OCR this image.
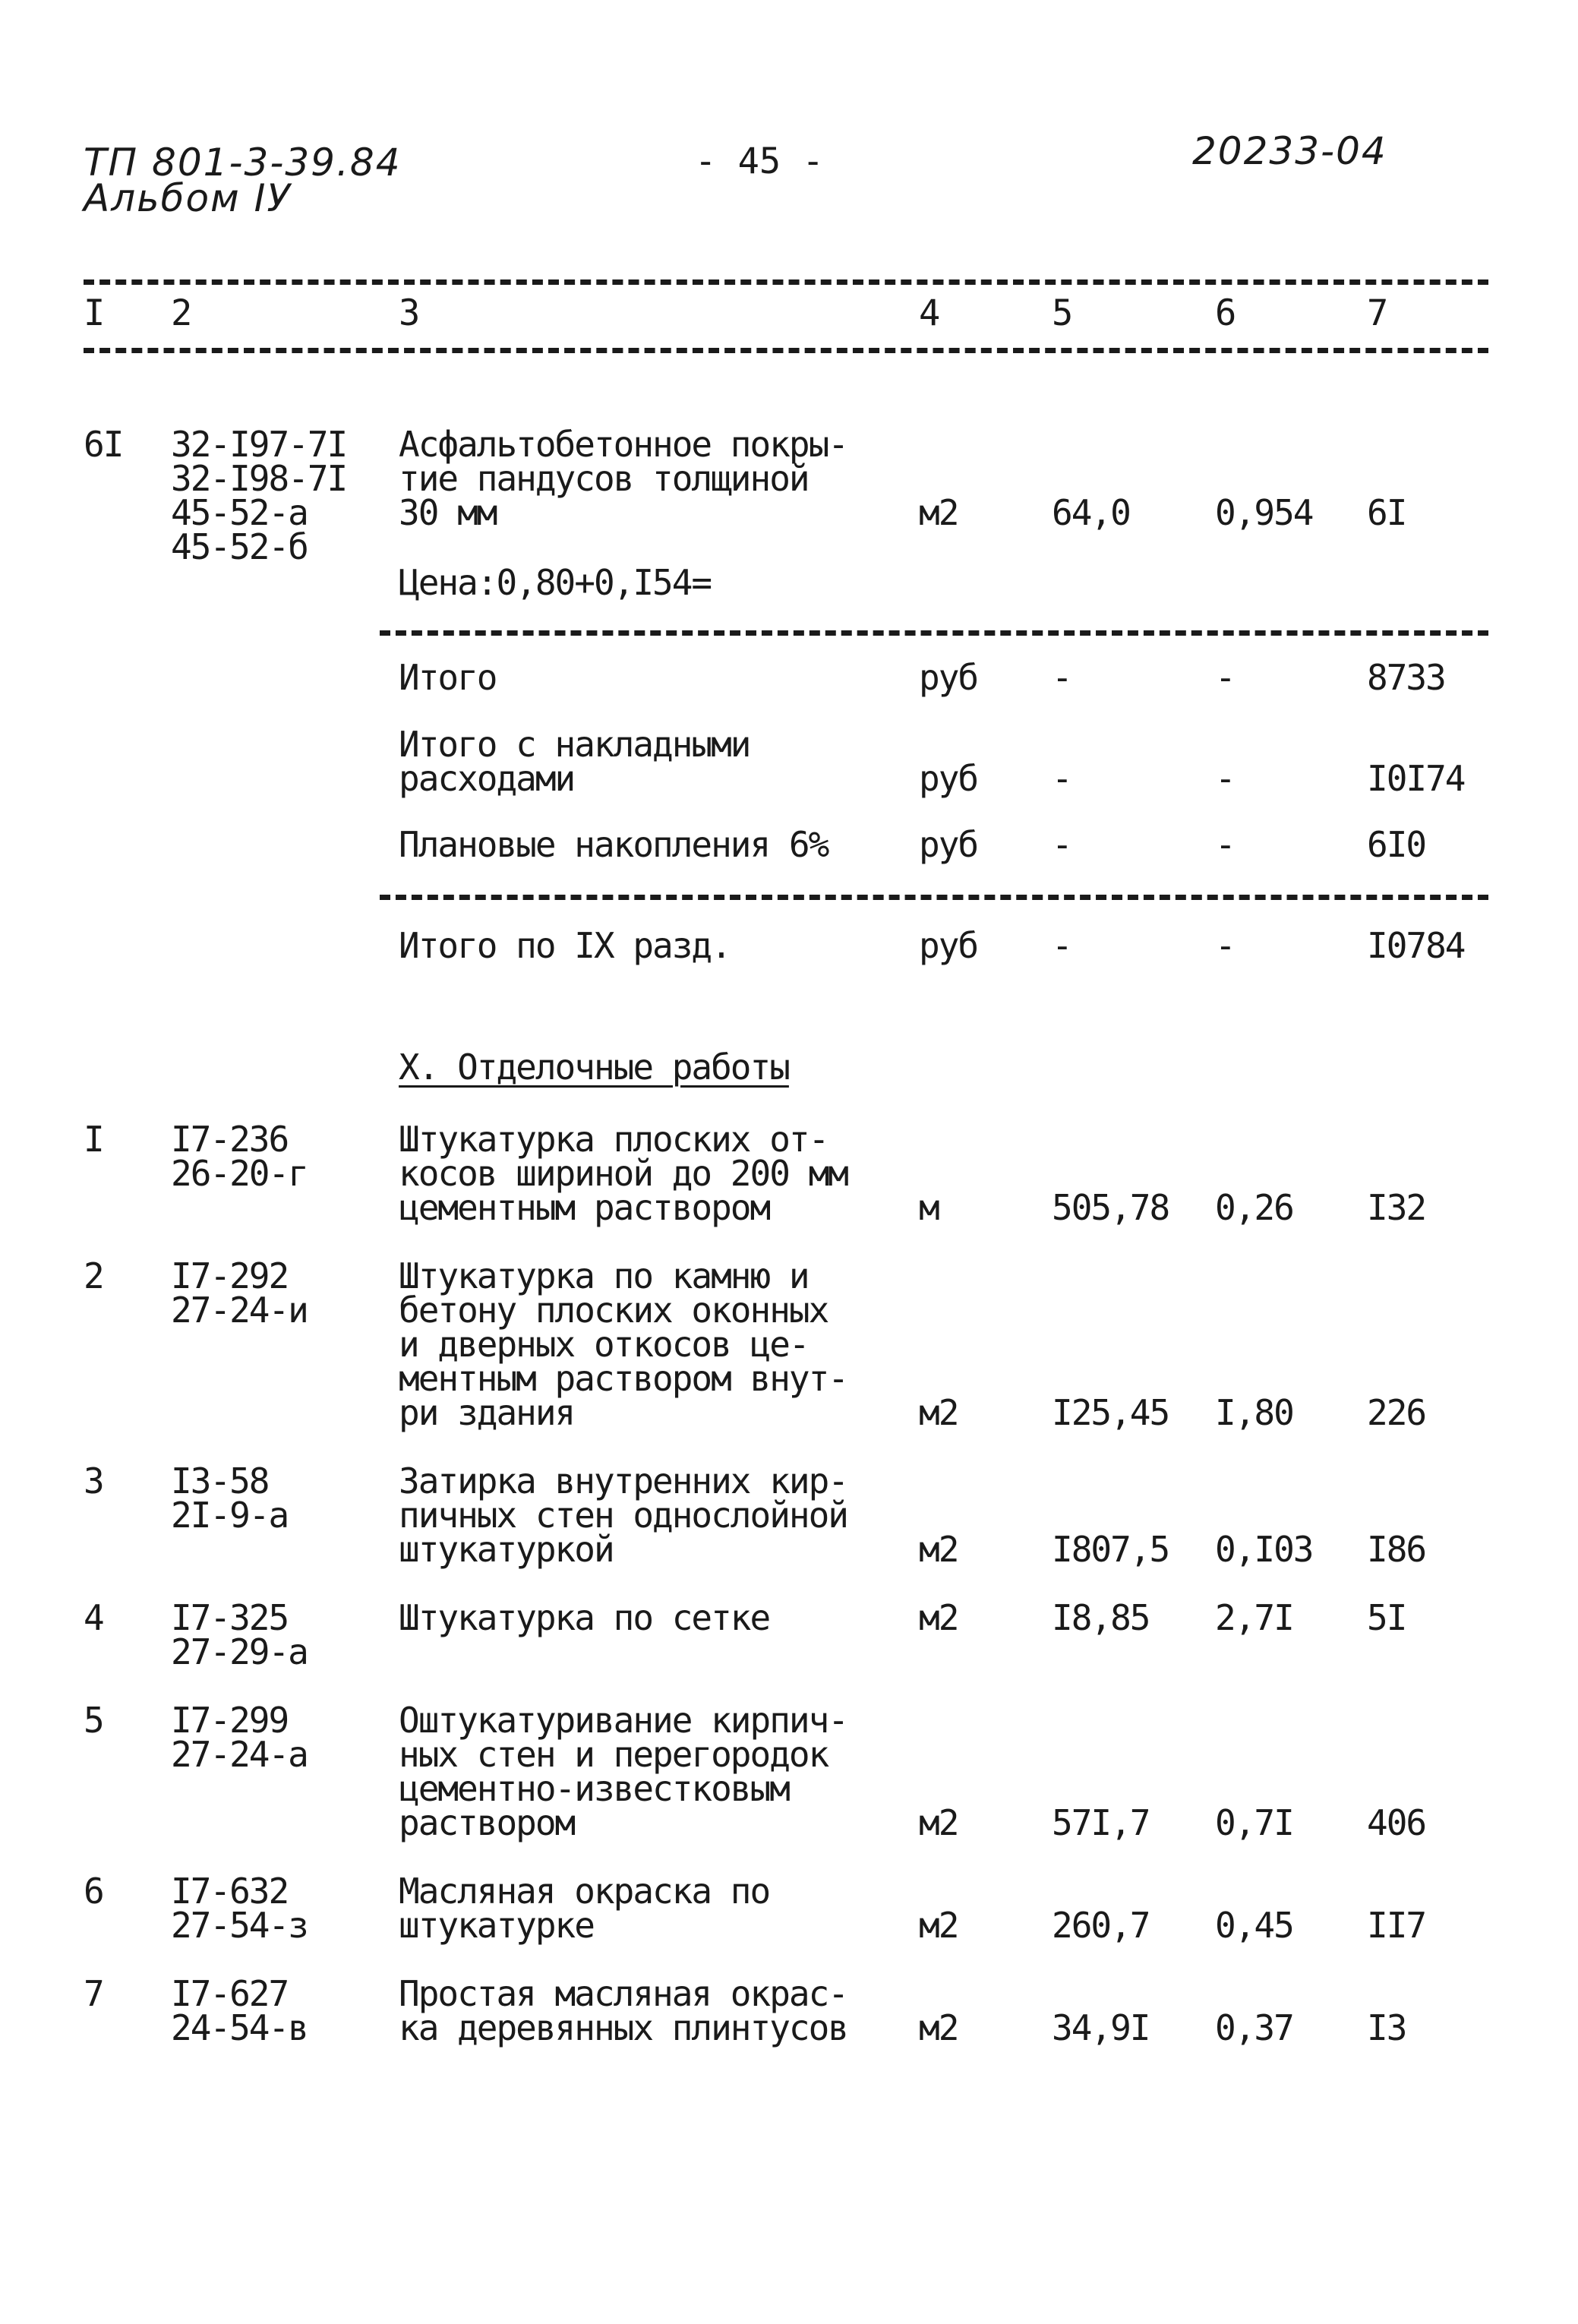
ТП 801-3-39.84
Альбом IУ
- 45 -	20233-04
I 2	3	4	5	6	7
6I 32-I97-7I
32-I98-7I
45-52-а
45-52-б
Асфальтобетонное покры-
тие пандусов толщиной
30 мм	м2	64,0 0,954 6I
Цена:0,80+0,I54=
Итого	руб -	-	8733
Итого с накладными
расходами	руб -	-	I0I74
Плановые накопления 6%	руб -	-	6I0
Итого по IX разд.	руб -	-	I0784
X. Отделочные работы
I I7-236
26-20-г
Штукатурка плоских от-
косов шириной до 200 мм
цементным раствором	м	505,78 0,26 I32
2 I7-292
27-24-и
Штукатурка по камню и
бетону плоских оконных
и дверных откосов це-
ментным раствором внут-
ри здания	м2	I25,45 I,80 226
3 I3-58
2I-9-а
Затирка внутренних кир-
пичных стен однослойной
штукатуркой	м2	I807,5 0,I03 I86
4 I7-325
27-29-а
Штукатурка по сетке	м2	I8,85 2,7I 5I
5 I7-299
27-24-а
Оштукатуривание кирпич-
ных стен и перегородок
цементно-известковым
раствором	м2	57I,7 0,7I 406
6 I7-632
27-54-з
Масляная окраска по
штукатурке	м2	260,7 0,45 II7
7 I7-627
24-54-в
Простая масляная окрас-
ка деревянных плинтусов м2	34,9I 0,37 I3
